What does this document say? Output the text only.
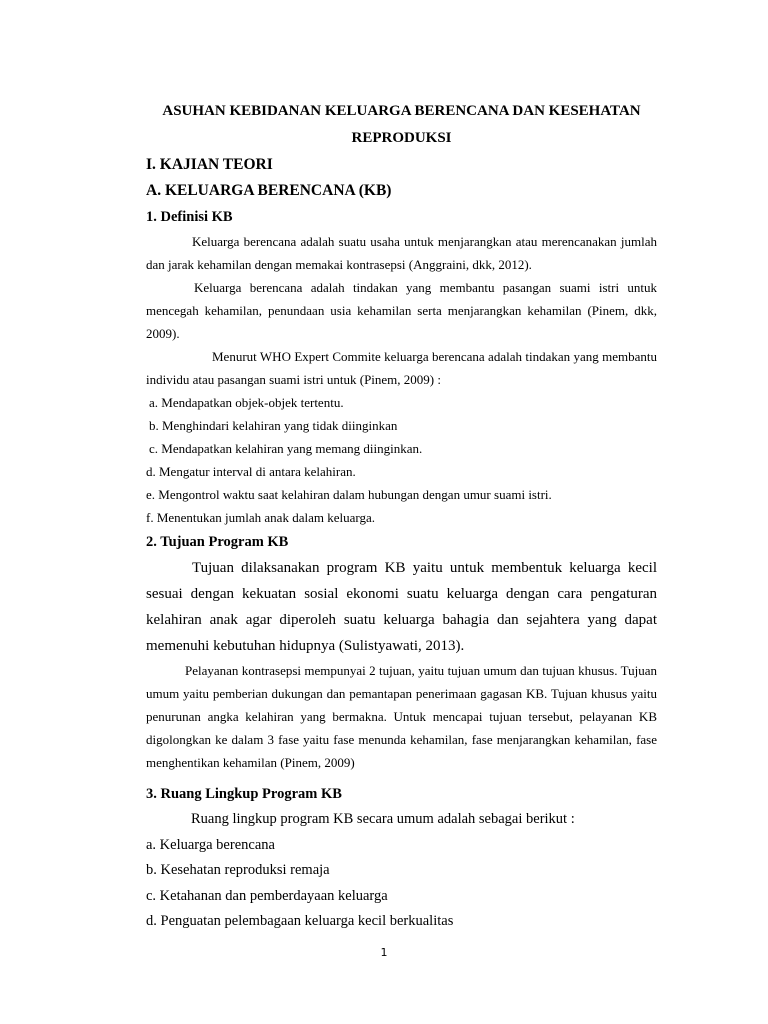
ASUHAN KEBIDANAN KELUARGA BERENCANA DAN KESEHATAN

REPRODUKSI

I. KAJIAN TEORI

A. KELUARGA BERENCANA (KB)

1. Definisi KB

Keluarga berencana adalah suatu usaha untuk menjarangkan atau merencanakan jumlah dan jarak kehamilan dengan memakai kontrasepsi (Anggraini, dkk, 2012).

Keluarga berencana adalah tindakan yang membantu pasangan suami istri untuk mencegah kehamilan, penundaan usia kehamilan serta menjarangkan kehamilan (Pinem, dkk, 2009).

Menurut WHO Expert Commite keluarga berencana adalah tindakan yang membantu individu atau pasangan suami istri untuk (Pinem, 2009) :

a. Mendapatkan objek-objek tertentu.

b. Menghindari kelahiran yang tidak diinginkan

c. Mendapatkan kelahiran yang memang diinginkan.

d. Mengatur interval di antara kelahiran.

e. Mengontrol waktu saat kelahiran dalam hubungan dengan umur suami istri.

f. Menentukan jumlah anak dalam keluarga.

2. Tujuan Program KB

Tujuan dilaksanakan program KB yaitu untuk membentuk keluarga kecil sesuai dengan kekuatan sosial ekonomi suatu keluarga dengan cara pengaturan kelahiran anak agar diperoleh suatu keluarga bahagia dan sejahtera yang dapat memenuhi kebutuhan hidupnya (Sulistyawati, 2013).

Pelayanan kontrasepsi mempunyai 2 tujuan, yaitu tujuan umum dan tujuan khusus. Tujuan umum yaitu pemberian dukungan dan pemantapan penerimaan gagasan KB. Tujuan khusus yaitu penurunan angka kelahiran yang bermakna. Untuk mencapai tujuan tersebut, pelayanan KB digolongkan ke dalam 3 fase yaitu fase menunda kehamilan, fase menjarangkan kehamilan, fase menghentikan kehamilan (Pinem, 2009)

3. Ruang Lingkup Program KB

Ruang lingkup program KB secara umum adalah sebagai berikut :

a. Keluarga berencana

b. Kesehatan reproduksi remaja

c. Ketahanan dan pemberdayaan keluarga

d. Penguatan pelembagaan keluarga kecil berkualitas

1
